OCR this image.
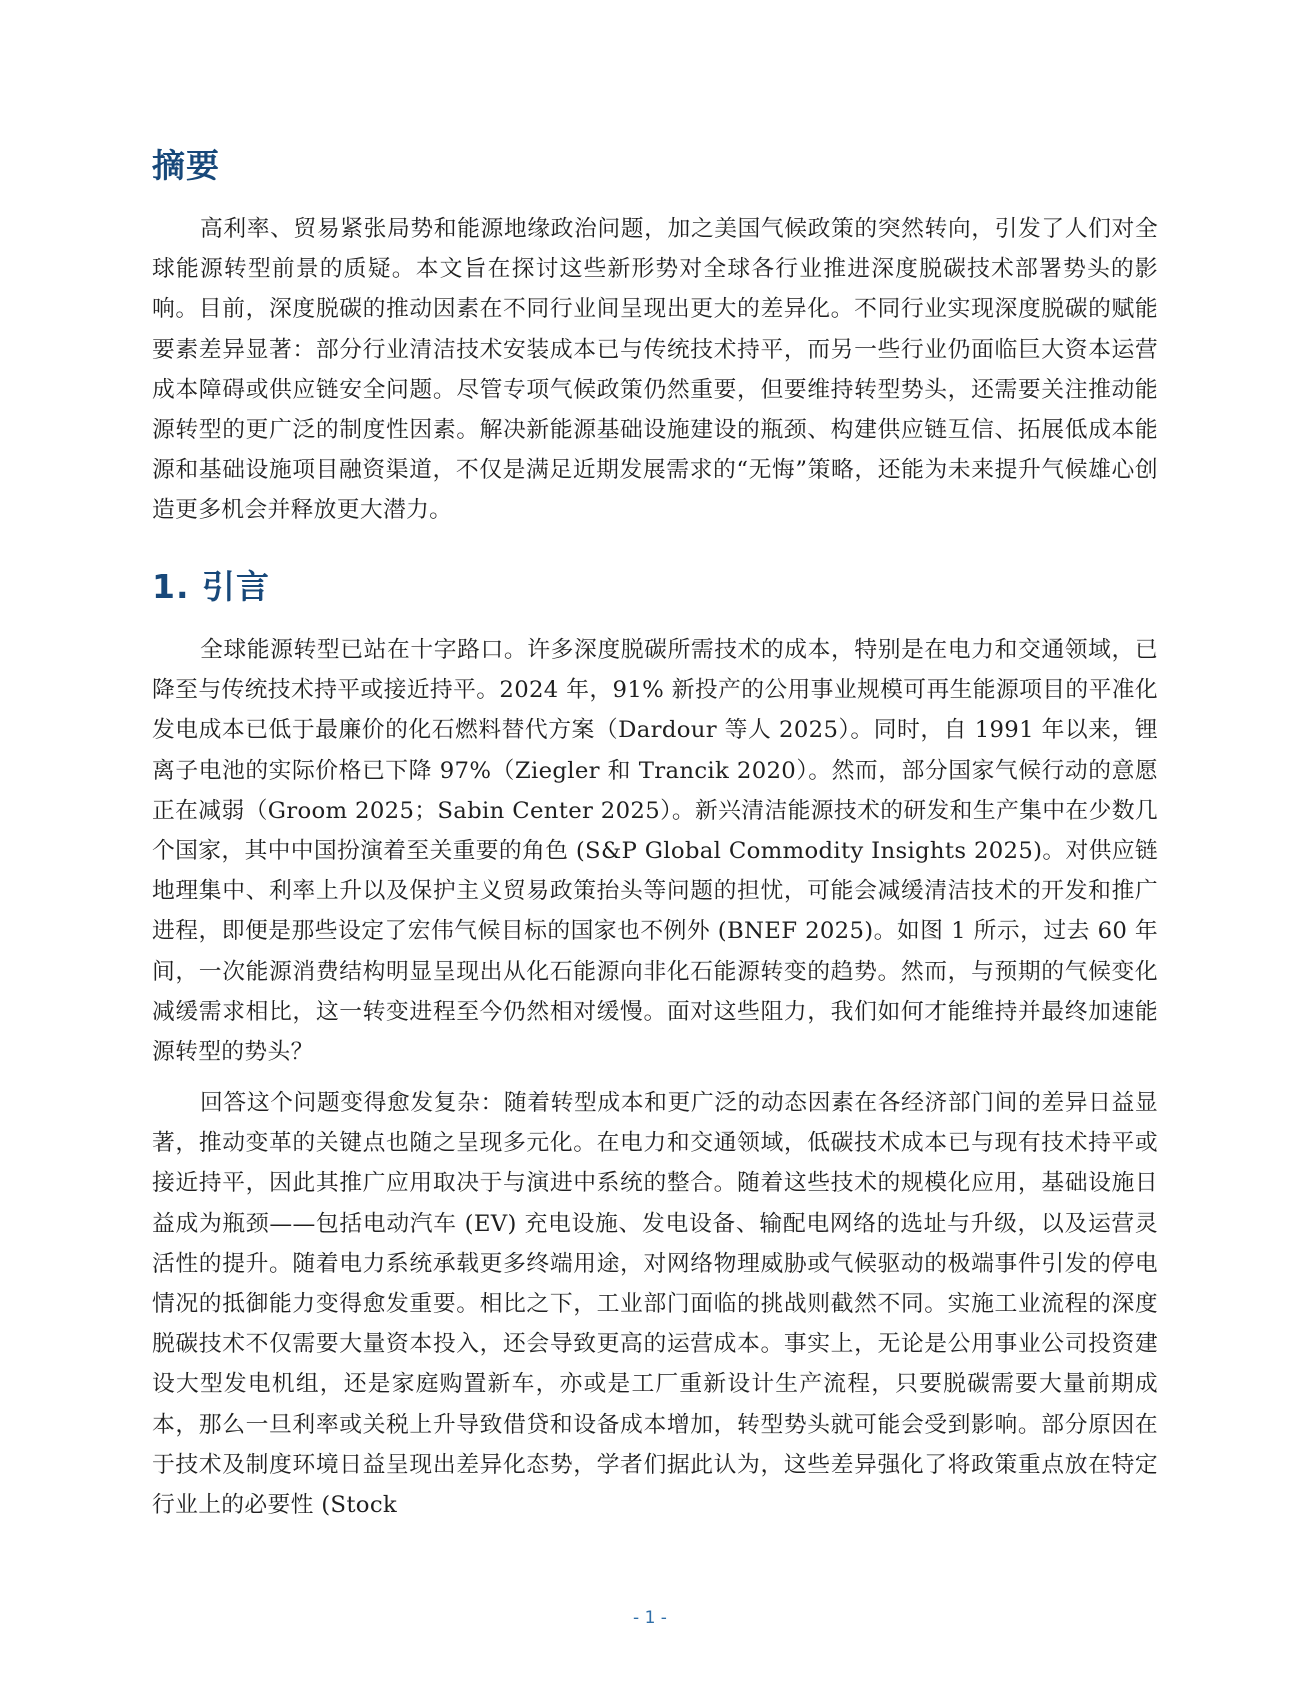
摘要

高利率、贸易紧张局势和能源地缘政治问题，加之美国气候政策的突然转向，引发了人们对全球能源转型前景的质疑。本文旨在探讨这些新形势对全球各行业推进深度脱碳技术部署势头的影响。目前，深度脱碳的推动因素在不同行业间呈现出更大的差异化。不同行业实现深度脱碳的赋能要素差异显著：部分行业清洁技术安装成本已与传统技术持平，而另一些行业仍面临巨大资本运营成本障碍或供应链安全问题。尽管专项气候政策仍然重要，但要维持转型势头，还需要关注推动能源转型的更广泛的制度性因素。解决新能源基础设施建设的瓶颈、构建供应链互信、拓展低成本能源和基础设施项目融资渠道，不仅是满足近期发展需求的“无悔”策略，还能为未来提升气候雄心创造更多机会并释放更大潜力。

1. 引言

全球能源转型已站在十字路口。许多深度脱碳所需技术的成本，特别是在电力和交通领域，已降至与传统技术持平或接近持平。2024 年，91% 新投产的公用事业规模可再生能源项目的平准化发电成本已低于最廉价的化石燃料替代方案（Dardour 等人 2025）。同时，自 1991 年以来，锂离子电池的实际价格已下降 97%（Ziegler 和 Trancik 2020）。然而，部分国家气候行动的意愿正在减弱（Groom 2025；Sabin Center 2025）。新兴清洁能源技术的研发和生产集中在少数几个国家，其中中国扮演着至关重要的角色 (S&P Global Commodity Insights 2025)。对供应链地理集中、利率上升以及保护主义贸易政策抬头等问题的担忧，可能会减缓清洁技术的开发和推广进程，即便是那些设定了宏伟气候目标的国家也不例外 (BNEF 2025)。如图 1 所示，过去 60 年间，一次能源消费结构明显呈现出从化石能源向非化石能源转变的趋势。然而，与预期的气候变化减缓需求相比，这一转变进程至今仍然相对缓慢。面对这些阻力，我们如何才能维持并最终加速能源转型的势头？

回答这个问题变得愈发复杂：随着转型成本和更广泛的动态因素在各经济部门间的差异日益显著，推动变革的关键点也随之呈现多元化。在电力和交通领域，低碳技术成本已与现有技术持平或接近持平，因此其推广应用取决于与演进中系统的整合。随着这些技术的规模化应用，基础设施日益成为瓶颈——包括电动汽车 (EV) 充电设施、发电设备、输配电网络的选址与升级，以及运营灵活性的提升。随着电力系统承载更多终端用途，对网络物理威胁或气候驱动的极端事件引发的停电情况的抵御能力变得愈发重要。相比之下，工业部门面临的挑战则截然不同。实施工业流程的深度脱碳技术不仅需要大量资本投入，还会导致更高的运营成本。事实上，无论是公用事业公司投资建设大型发电机组，还是家庭购置新车，亦或是工厂重新设计生产流程，只要脱碳需要大量前期成本，那么一旦利率或关税上升导致借贷和设备成本增加，转型势头就可能会受到影响。部分原因在于技术及制度环境日益呈现出差异化态势，学者们据此认为，这些差异强化了将政策重点放在特定行业上的必要性 (Stock

- 1 -
